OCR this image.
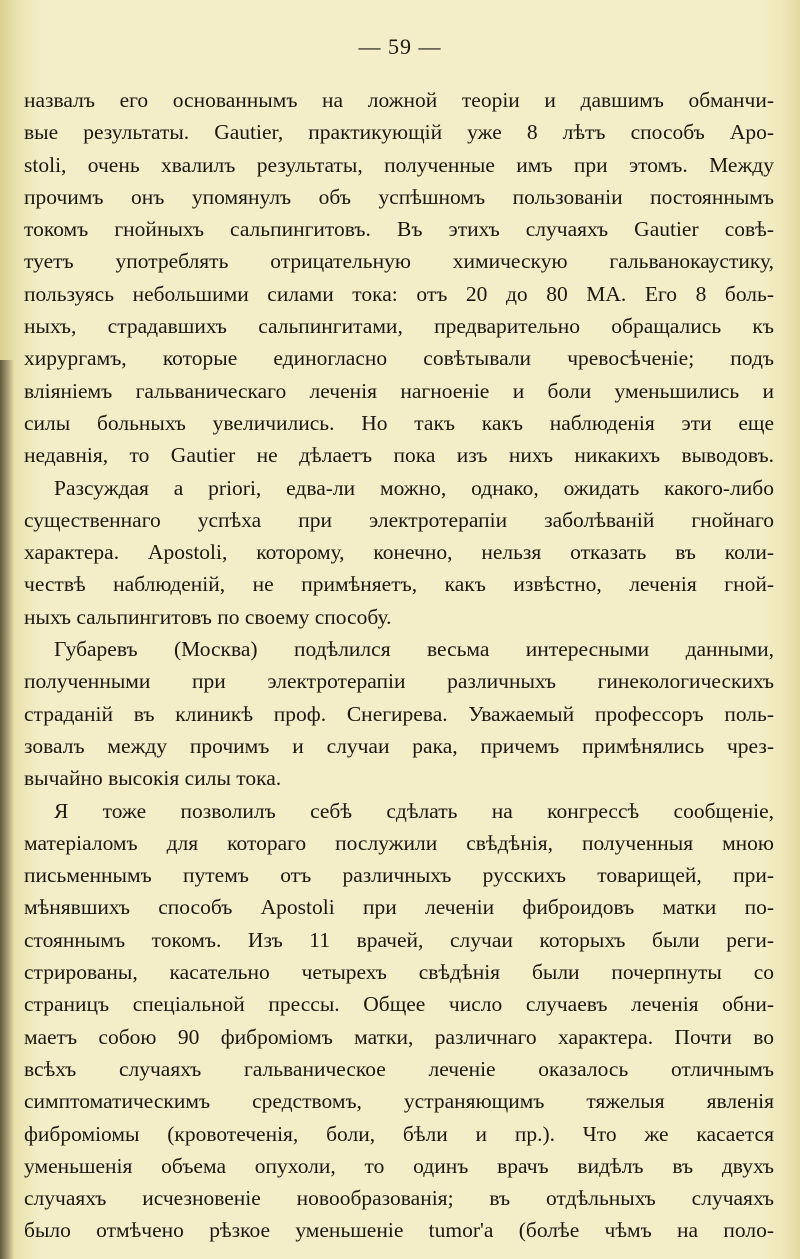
— 59 —
назвалъ его основаннымъ на ложной теоріи и давшимъ обманчи-
вые результаты. Gautier, практикующій уже 8 лѣтъ способъ Аро-
stoli, очень хвалилъ результаты, полученные имъ при этомъ. Между
прочимъ онъ упомянулъ объ успѣшномъ пользованіи постояннымъ
токомъ гнойныхъ сальпингитовъ. Въ этихъ случаяхъ Gautier совѣ-
туетъ употреблять отрицательную химическую гальванокаустику,
пользуясь небольшими силами тока: отъ 20 до 80 МА. Его 8 боль-
ныхъ, страдавшихъ сальпингитами, предварительно обращались къ
хирургамъ, которые единогласно совѣтывали чревосѣченіе; подъ
вліяніемъ гальваническаго леченія нагноеніе и боли уменьшились и
силы больныхъ увеличились. Но такъ какъ наблюденія эти еще
недавнія, то Gautier не дѣлаетъ пока изъ нихъ никакихъ выводовъ.
Разсуждая a priori, едва-ли можно, однако, ожидать какого-либо
существеннаго успѣха при электротерапіи заболѣваній гнойнаго
характера. Apostoli, которому, конечно, нельзя отказать въ коли-
чествѣ наблюденій, не примѣняетъ, какъ извѣстно, леченія гной-
ныхъ сальпингитовъ по своему способу.
Губаревъ (Москва) подѣлился весьма интересными данными,
полученными при электротерапіи различныхъ гинекологическихъ
страданій въ клиникѣ проф. Снегирева. Уважаемый профессоръ поль-
зовалъ между прочимъ и случаи рака, причемъ примѣнялись чрез-
вычайно высокія силы тока.
Я тоже позволилъ себѣ сдѣлать на конгрессѣ сообщеніе,
матеріаломъ для котораго послужили свѣдѣнія, полученныя мною
письменнымъ путемъ отъ различныхъ русскихъ товарищей, при-
мѣнявшихъ способъ Apostoli при леченіи фиброидовъ матки по-
стояннымъ токомъ. Изъ 11 врачей, случаи которыхъ были реги-
стрированы, касательно четырехъ свѣдѣнія были почерпнуты со
страницъ спеціальной прессы. Общее число случаевъ леченія обни-
маетъ собою 90 фиброміомъ матки, различнаго характера. Почти во
всѣхъ случаяхъ гальваническое леченіе оказалось отличнымъ
симптоматическимъ средствомъ, устраняющимъ тяжелыя явленія
фиброміомы (кровотеченія, боли, бѣли и пр.). Что же касается
уменьшенія объема опухоли, то одинъ врачъ видѣлъ въ двухъ
случаяхъ исчезновеніе новообразованія; въ отдѣльныхъ случаяхъ
было отмѣчено рѣзкое уменьшеніе tumor'a (болѣе чѣмъ на поло-
